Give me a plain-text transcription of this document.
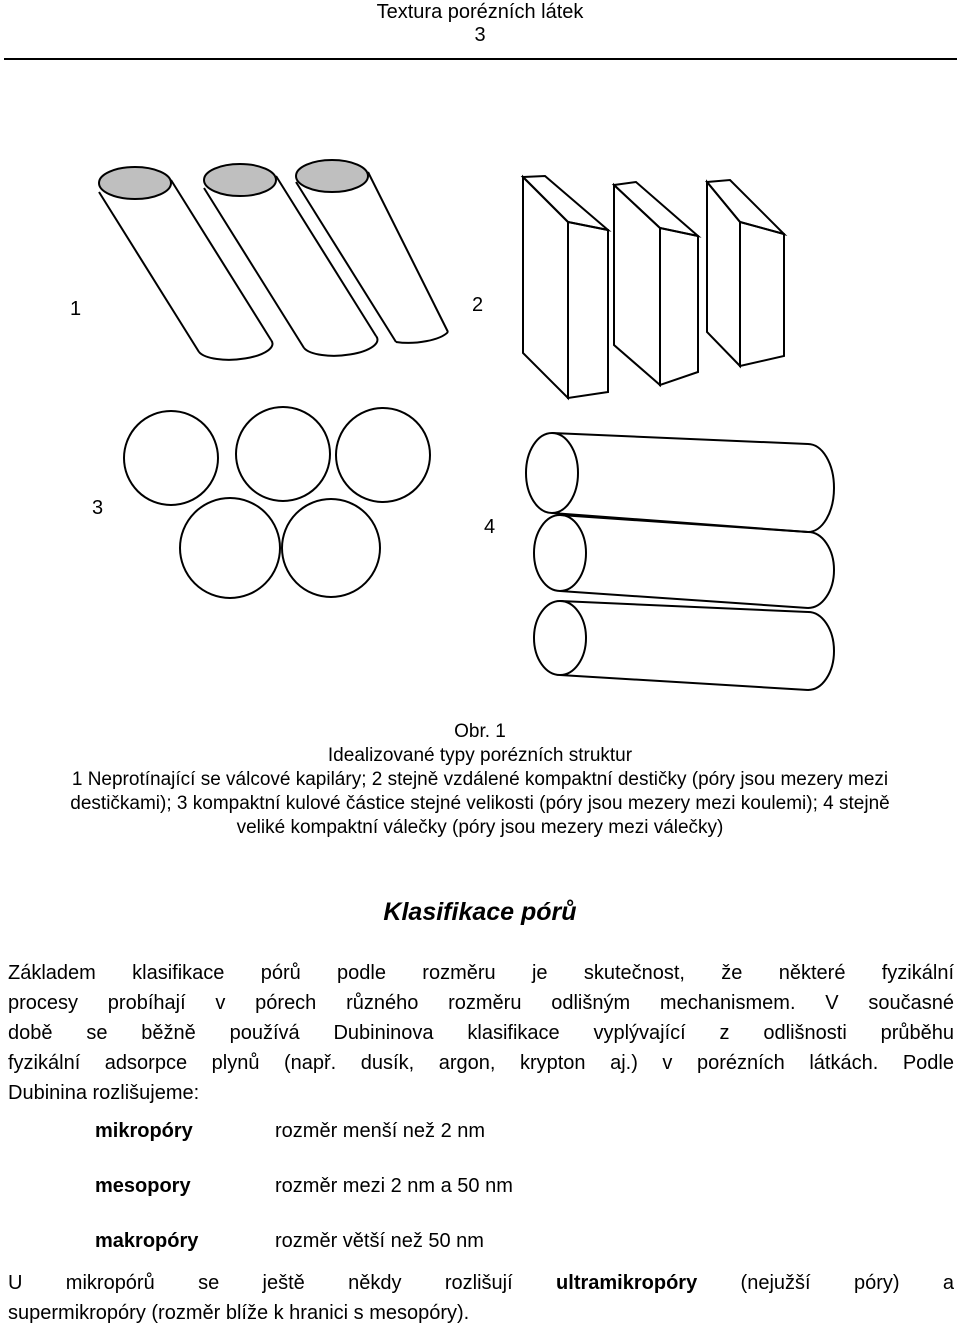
Textura porézních látek
3
1	2
3
4
Obr. 1
Idealizované typy porézních struktur
1 Neprotínající se válcové kapiláry; 2 stejně vzdálené kompaktní destičky (póry jsou mezery mezi
destičkami); 3 kompaktní kulové částice stejné velikosti (póry jsou mezery mezi koulemi); 4 stejně
veliké kompaktní válečky (póry jsou mezery mezi válečky)
Klasifikace pórů
Základem klasifikace pórů podle rozměru je skutečnost, že některé fyzikální
procesy probíhají v pórech různého rozměru odlišným mechanismem. V současné
době se běžně používá Dubininova klasifikace vyplývající z odlišnosti průběhu
fyzikální adsorpce plynů (např. dusík, argon, krypton aj.) v porézních látkách. Podle
Dubinina rozlišujeme:
mikropóry	rozměr menší než 2 nm
mesopory	rozměr mezi 2 nm a 50 nm
makropóry	rozměr větší než 50 nm
U mikropórů se ještě někdy rozlišují ultramikropóry (nejužší póry) a
supermikropóry (rozměr blíže k hranici s mesopóry).
